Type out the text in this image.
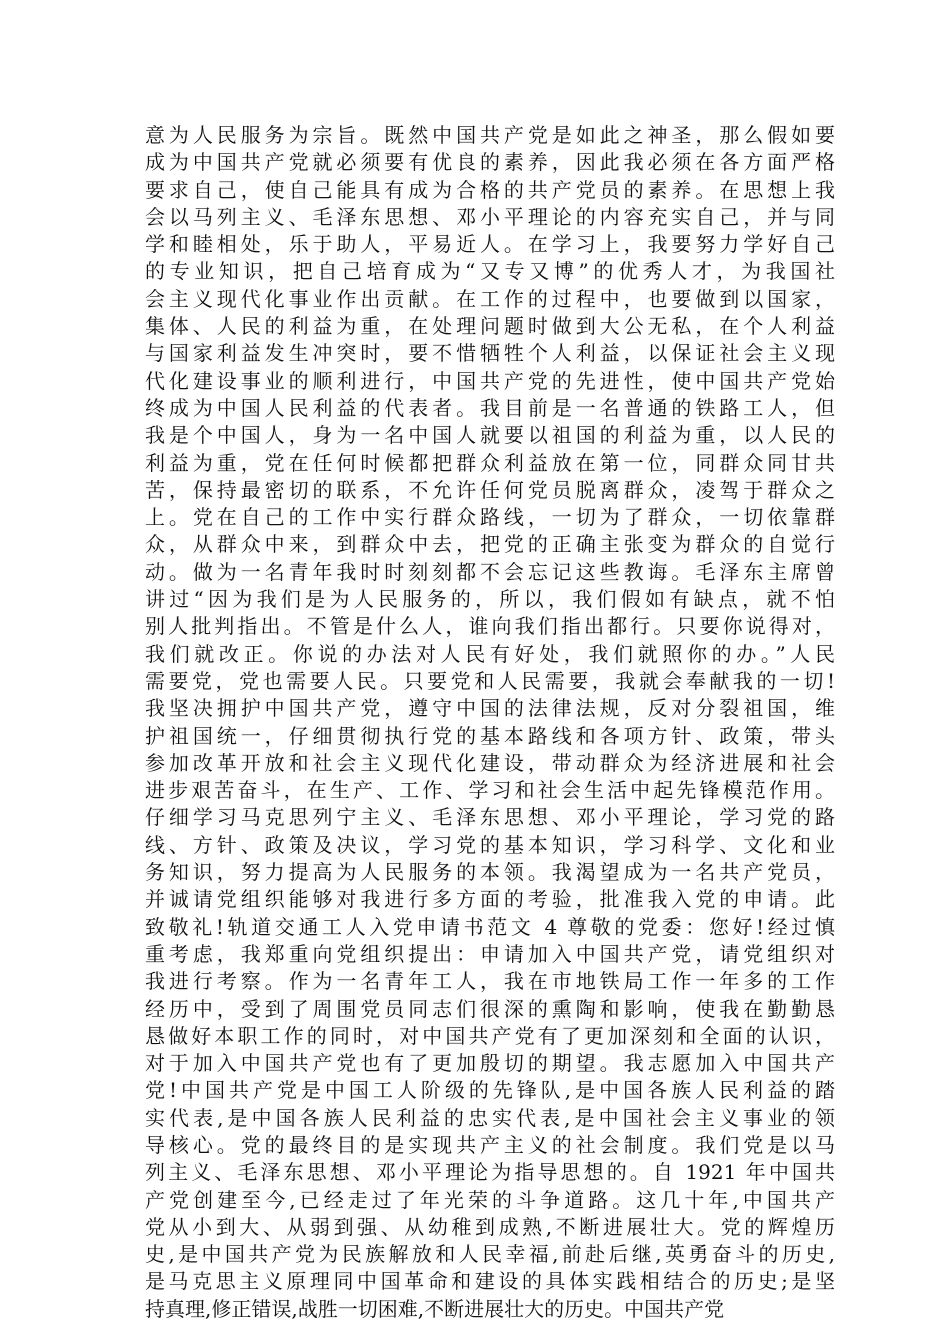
意为人民服务为宗旨。既然中国共产党是如此之神圣，那么假如要
成为中国共产党就必须要有优良的素养，因此我必须在各方面严格
要求自己，使自己能具有成为合格的共产党员的素养。在思想上我
会以马列主义、毛泽东思想、邓小平理论的内容充实自己，并与同
学和睦相处，乐于助人，平易近人。在学习上，我要努力学好自己
的专业知识，把自己培育成为“又专又博”的优秀人才，为我国社
会主义现代化事业作出贡献。在工作的过程中，也要做到以国家，
集体、人民的利益为重，在处理问题时做到大公无私，在个人利益
与国家利益发生冲突时，要不惜牺牲个人利益，以保证社会主义现
代化建设事业的顺利进行，中国共产党的先进性，使中国共产党始
终成为中国人民利益的代表者。我目前是一名普通的铁路工人，但
我是个中国人，身为一名中国人就要以祖国的利益为重，以人民的
利益为重，党在任何时候都把群众利益放在第一位，同群众同甘共
苦，保持最密切的联系，不允许任何党员脱离群众，凌驾于群众之
上。党在自己的工作中实行群众路线，一切为了群众，一切依靠群
众，从群众中来，到群众中去，把党的正确主张变为群众的自觉行
动。做为一名青年我时时刻刻都不会忘记这些教诲。毛泽东主席曾
讲过“因为我们是为人民服务的，所以，我们假如有缺点，就不怕
别人批判指出。不管是什么人，谁向我们指出都行。只要你说得对，
我们就改正。你说的办法对人民有好处，我们就照你的办。”人民
需要党，党也需要人民。只要党和人民需要，我就会奉献我的一切!
我坚决拥护中国共产党，遵守中国的法律法规，反对分裂祖国，维
护祖国统一，仔细贯彻执行党的基本路线和各项方针、政策，带头
参加改革开放和社会主义现代化建设，带动群众为经济进展和社会
进步艰苦奋斗，在生产、工作、学习和社会生活中起先锋模范作用。
仔细学习马克思列宁主义、毛泽东思想、邓小平理论，学习党的路
线、方针、政策及决议，学习党的基本知识，学习科学、文化和业
务知识，努力提高为人民服务的本领。我渴望成为一名共产党员，
并诚请党组织能够对我进行多方面的考验，批准我入党的申请。此
致敬礼!轨道交通工人入党申请书范文 4 尊敬的党委：您好!经过慎
重考虑，我郑重向党组织提出：申请加入中国共产党，请党组织对
我进行考察。作为一名青年工人，我在市地铁局工作一年多的工作
经历中，受到了周围党员同志们很深的熏陶和影响，使我在勤勤恳
恳做好本职工作的同时，对中国共产党有了更加深刻和全面的认识，
对于加入中国共产党也有了更加殷切的期望。我志愿加入中国共产
党!中国共产党是中国工人阶级的先锋队,是中国各族人民利益的踏
实代表,是中国各族人民利益的忠实代表,是中国社会主义事业的领
导核心。党的最终目的是实现共产主义的社会制度。我们党是以马
列主义、毛泽东思想、邓小平理论为指导思想的。自 1921 年中国共
产党创建至今,已经走过了年光荣的斗争道路。这几十年,中国共产
党从小到大、从弱到强、从幼稚到成熟,不断进展壮大。党的辉煌历
史,是中国共产党为民族解放和人民幸福,前赴后继,英勇奋斗的历史,
是马克思主义原理同中国革命和建设的具体实践相结合的历史;是坚
持真理,修正错误,战胜一切困难,不断进展壮大的历史。中国共产党
